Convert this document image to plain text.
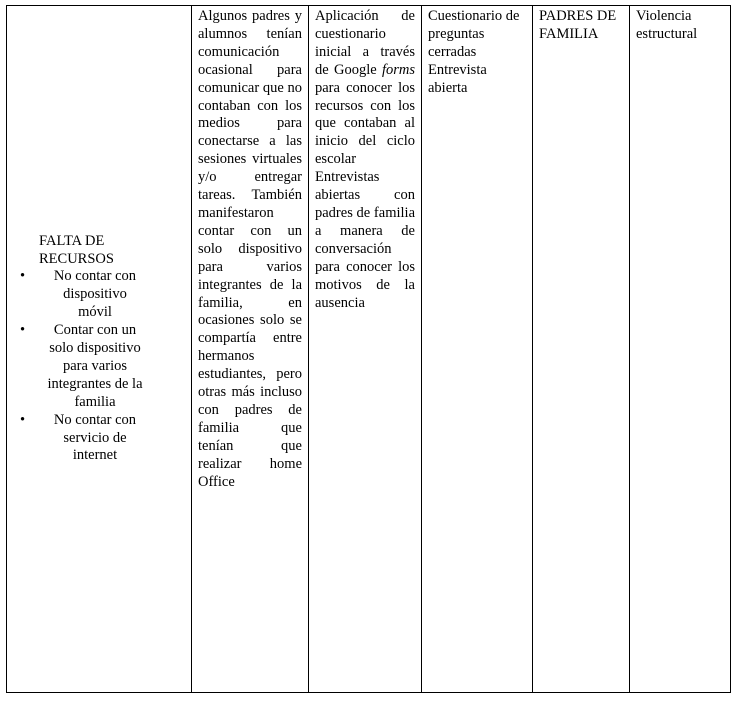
FALTA DE RECURSOS
• No contar con dispositivo móvil
• Contar con un solo dispositivo para varios integrantes de la familia
• No contar con servicio de internet
	Algunos padres y alumnos tenían comunicación ocasional para comunicar que no contaban con los medios para conectarse a las sesiones virtuales y/o entregar tareas. También manifestaron contar con un solo dispositivo para varios integrantes de la familia, en ocasiones solo se compartía entre hermanos estudiantes, pero otras más incluso con padres de familia que tenían que realizar home Office	Aplicación de cuestionario inicial a través de Google forms para conocer los recursos con los que contaban al inicio del ciclo escolar Entrevistas abiertas con padres de familia a manera de conversación para conocer los motivos de la ausencia	Cuestionario de preguntas cerradas Entrevista abierta	PADRES DE FAMILIA	Violencia estructural
